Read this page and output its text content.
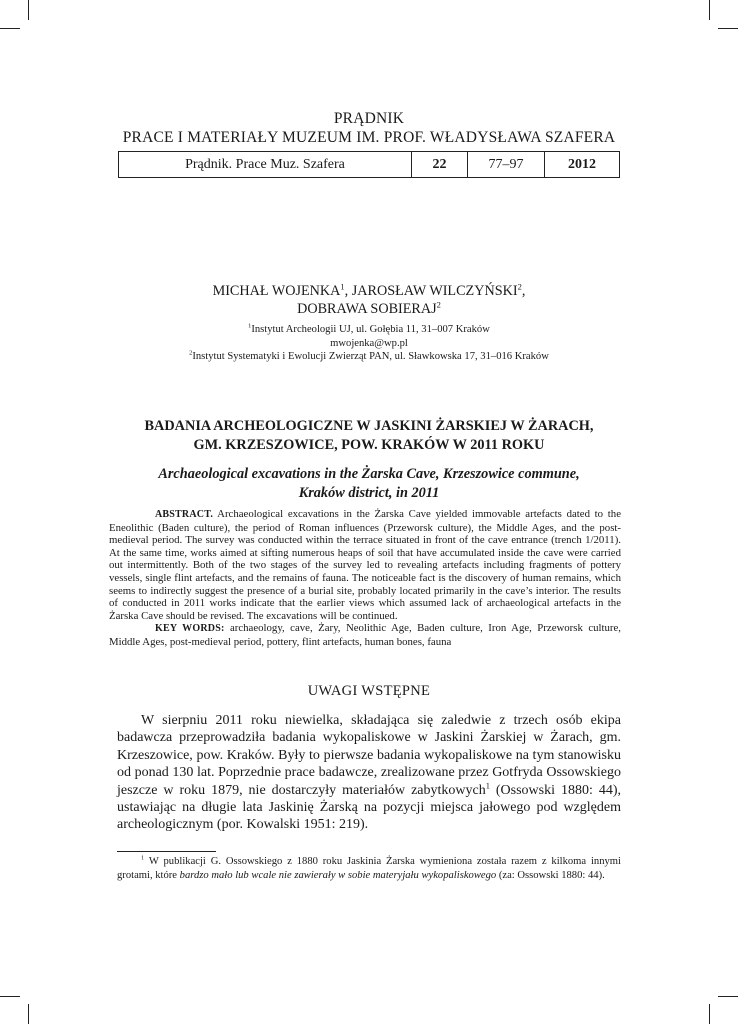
PRĄDNIK
PRACE I MATERIAŁY MUZEUM IM. PROF. WŁADYSŁAWA SZAFERA
Prądnik. Prace Muz. Szafera	22	77–97	2012
MICHAŁ WOJENKA$^1$, JAROSŁAW WILCZYŃSKI$^2$,
DOBRAWA SOBIERAJ$^2$
$^1$Instytut Archeologii UJ, ul. Gołębia 11, 31–007 Kraków
mwojenka@wp.pl
$^2$Instytut Systematyki i Ewolucji Zwierząt PAN, ul. Sławkowska 17, 31–016 Kraków
BADANIA ARCHEOLOGICZNE W JASKINI ŻARSKIEJ W ŻARACH,
GM. KRZESZOWICE, POW. KRAKÓW W 2011 ROKU
Archaeological excavations in the Żarska Cave, Krzeszowice commune,
Kraków district, in 2011

ABSTRACT. Archaeological excavations in the Żarska Cave yielded immovable artefacts dated to the Eneolithic (Baden culture), the period of Roman influences (Przeworsk culture), the Middle Ages, and the post-medieval period. The survey was conducted within the terrace situated in front of the cave entrance (trench 1/2011). At the same time, works aimed at sifting numerous heaps of soil that have accumulated inside the cave were carried out intermittently. Both of the two stages of the survey led to revealing artefacts including fragments of pottery vessels, single flint artefacts, and the remains of fauna. The noticeable fact is the discovery of human remains, which seems to indirectly suggest the presence of a burial site, probably located primarily in the cave’s interior. The results of conducted in 2011 works indicate that the earlier views which assumed lack of archaeological artefacts in the Żarska Cave should be revised. The excavations will be continued.

KEY WORDS: archaeology, cave, Żary, Neolithic Age, Baden culture, Iron Age, Przeworsk culture, Middle Ages, post-medieval period, pottery, flint artefacts, human bones, fauna

UWAGI WSTĘPNE

W sierpniu 2011 roku niewielka, składająca się zaledwie z trzech osób ekipa badawcza przeprowadziła badania wykopaliskowe w Jaskini Żarskiej w Żarach, gm. Krzeszowice, pow. Kraków. Były to pierwsze badania wykopaliskowe na tym stanowisku od ponad 130 lat. Poprzednie prace badawcze, zrealizowane przez Gotfryda Ossowskiego jeszcze w roku 1879, nie dostarczyły materiałów zabytkowych$^1$ (Ossowski 1880: 44), ustawiając na długie lata Jaskinię Żarską na pozycji miejsca jałowego pod względem archeologicznym (por. Kowalski 1951: 219).

$^1$ W publikacji G. Ossowskiego z 1880 roku Jaskinia Żarska wymieniona została razem z kilkoma innymi grotami, które bardzo mało lub wcale nie zawierały w sobie materyjału wykopaliskowego (za: Ossowski 1880: 44).
